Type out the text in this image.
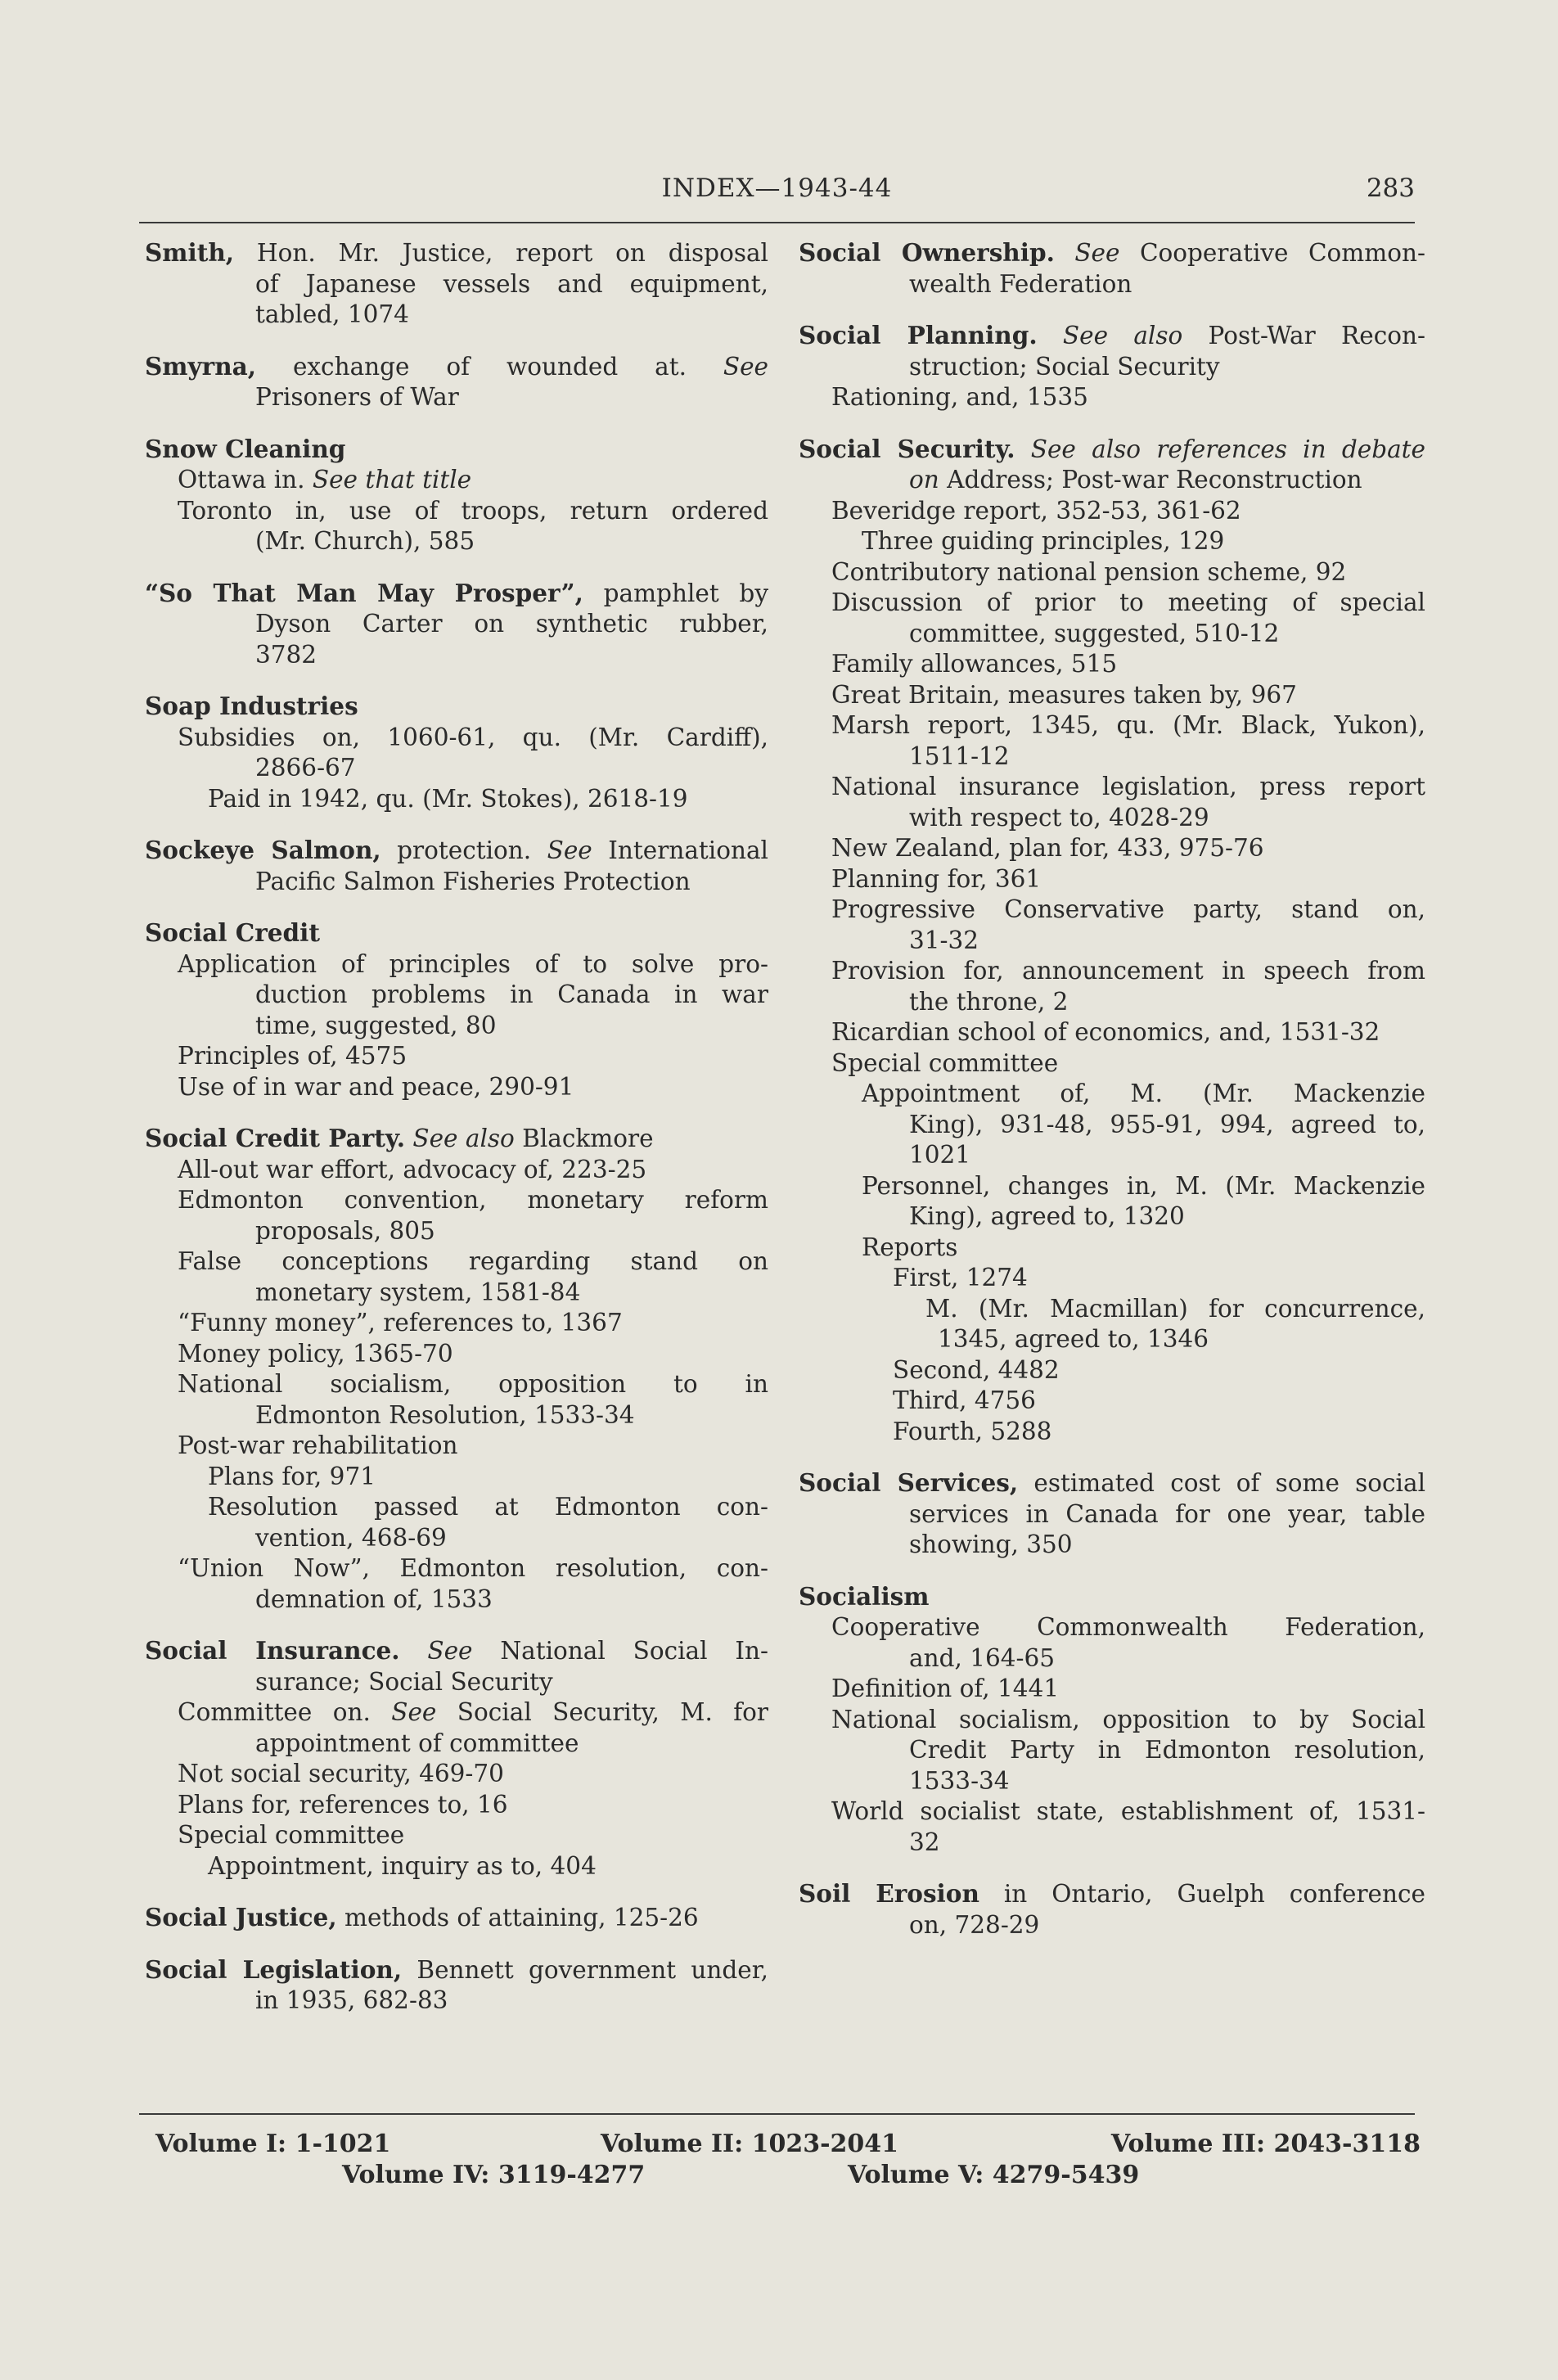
INDEX—1943-44	283
Smith, Hon. Mr. Justice, report on disposal
of Japanese vessels and equipment,
tabled, 1074
Smyrna, exchange of wounded at. See
Prisoners of War
Snow Cleaning
Ottawa in. See that title
Toronto in, use of troops, return ordered
(Mr. Church), 585
“So That Man May Prosper”, pamphlet by
Dyson Carter on synthetic rubber,
3782
Soap Industries
Subsidies on, 1060-61, qu. (Mr. Cardiff),
2866-67
Paid in 1942, qu. (Mr. Stokes), 2618-19
Sockeye Salmon, protection. See International
Pacific Salmon Fisheries Protection
Social Credit
Application of principles of to solve pro-
duction problems in Canada in war
time, suggested, 80
Principles of, 4575
Use of in war and peace, 290-91
Social Credit Party. See also Blackmore
All-out war effort, advocacy of, 223-25
Edmonton convention, monetary reform
proposals, 805
False conceptions regarding stand on
monetary system, 1581-84
“Funny money”, references to, 1367
Money policy, 1365-70
National socialism, opposition to in
Edmonton Resolution, 1533-34
Post-war rehabilitation
Plans for, 971
Resolution passed at Edmonton con-
vention, 468-69
“Union Now”, Edmonton resolution, con-
demnation of, 1533
Social Insurance. See National Social In-
surance; Social Security
Committee on. See Social Security, M. for
appointment of committee
Not social security, 469-70
Plans for, references to, 16
Special committee
Appointment, inquiry as to, 404
Social Justice, methods of attaining, 125-26
Social Legislation, Bennett government under,
in 1935, 682-83
Social Ownership. See Cooperative Common-
wealth Federation
Social Planning. See also Post-War Recon-
struction; Social Security
Rationing, and, 1535
Social Security. See also references in debate
on Address; Post-war Reconstruction
Beveridge report, 352-53, 361-62
Three guiding principles, 129
Contributory national pension scheme, 92
Discussion of prior to meeting of special
committee, suggested, 510-12
Family allowances, 515
Great Britain, measures taken by, 967
Marsh report, 1345, qu. (Mr. Black, Yukon),
1511-12
National insurance legislation, press report
with respect to, 4028-29
New Zealand, plan for, 433, 975-76
Planning for, 361
Progressive Conservative party, stand on,
31-32
Provision for, announcement in speech from
the throne, 2
Ricardian school of economics, and, 1531-32
Special committee
Appointment of, M. (Mr. Mackenzie
King), 931-48, 955-91, 994, agreed to,
1021
Personnel, changes in, M. (Mr. Mackenzie
King), agreed to, 1320
Reports
First, 1274
M. (Mr. Macmillan) for concurrence,
1345, agreed to, 1346
Second, 4482
Third, 4756
Fourth, 5288
Social Services, estimated cost of some social
services in Canada for one year, table
showing, 350
Socialism
Cooperative Commonwealth Federation,
and, 164-65
Definition of, 1441
National socialism, opposition to by Social
Credit Party in Edmonton resolution,
1533-34
World socialist state, establishment of, 1531-
32
Soil Erosion in Ontario, Guelph conference
on, 728-29
Volume I: 1-1021	Volume II: 1023-2041	Volume III: 2043-3118
Volume IV: 3119-4277	Volume V: 4279-5439
